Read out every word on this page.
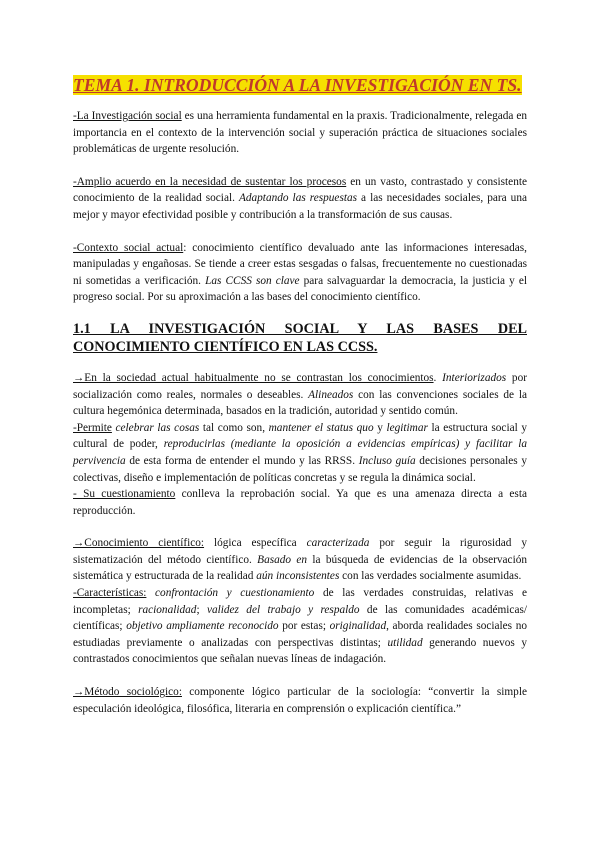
TEMA 1. INTRODUCCIÓN A LA INVESTIGACIÓN EN TS.

-La Investigación social es una herramienta fundamental en la praxis. Tradicionalmente, relegada en importancia en el contexto de la intervención social y superación práctica de situaciones sociales problemáticas de urgente resolución.

-Amplio acuerdo en la necesidad de sustentar los procesos en un vasto, contrastado y consistente conocimiento de la realidad social. Adaptando las respuestas a las necesidades sociales, para una mejor y mayor efectividad posible y contribución a la transformación de sus causas.

-Contexto social actual: conocimiento científico devaluado ante las informaciones interesadas, manipuladas y engañosas. Se tiende a creer estas sesgadas o falsas, frecuentemente no cuestionadas ni sometidas a verificación. Las CCSS son clave para salvaguardar la democracia, la justicia y el progreso social. Por su aproximación a las bases del conocimiento científico.

1.1 LA INVESTIGACIÓN SOCIAL Y LAS BASES DEL
CONOCIMIENTO CIENTÍFICO EN LAS CCSS.

→En la sociedad actual habitualmente no se contrastan los conocimientos. Interiorizados por socialización como reales, normales o deseables. Alineados con las convenciones sociales de la cultura hegemónica determinada, basados en la tradición, autoridad y sentido común.

-Permite celebrar las cosas tal como son, mantener el status quo y legitimar la estructura social y cultural de poder, reproducirlas (mediante la oposición a evidencias empíricas) y facilitar la pervivencia de esta forma de entender el mundo y las RRSS. Incluso guía decisiones personales y colectivas, diseño e implementación de políticas concretas y se regula la dinámica social.

- Su cuestionamiento conlleva la reprobación social. Ya que es una amenaza directa a esta reproducción.

→Conocimiento científico: lógica específica caracterizada por seguir la rigurosidad y sistematización del método científico. Basado en la búsqueda de evidencias de la observación sistemática y estructurada de la realidad aún inconsistentes con las verdades socialmente asumidas.

-Características: confrontación y cuestionamiento de las verdades construidas, relativas e incompletas; racionalidad; validez del trabajo y respaldo de las comunidades académicas/ científicas; objetivo ampliamente reconocido por estas; originalidad, aborda realidades sociales no estudiadas previamente o analizadas con perspectivas distintas; utilidad generando nuevos y contrastados conocimientos que señalan nuevas líneas de indagación.

→Método sociológico: componente lógico particular de la sociología: “convertir la simple especulación ideológica, filosófica, literaria en comprensión o explicación científica.”
